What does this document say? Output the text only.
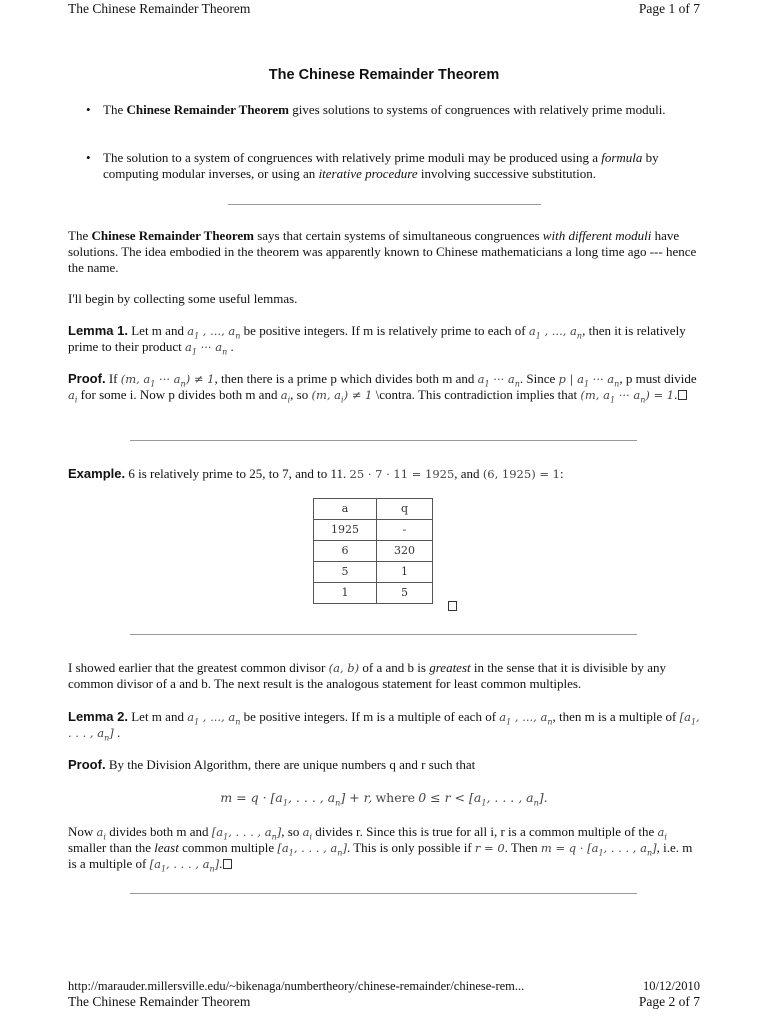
The Chinese Remainder Theorem	Page 1 of 7
The Chinese Remainder Theorem
• The Chinese Remainder Theorem gives solutions to systems of congruences with relatively prime moduli.
• The solution to a system of congruences with relatively prime moduli may be produced using a formula by computing modular inverses, or using an iterative procedure involving successive substitution.
The Chinese Remainder Theorem says that certain systems of simultaneous congruences with different moduli have solutions. The idea embodied in the theorem was apparently known to Chinese mathematicians a long time ago --- hence the name.
I'll begin by collecting some useful lemmas.
Lemma 1. Let m and $a_1$ , ..., $a_n$ be positive integers. If m is relatively prime to each of $a_1$ , ..., $a_n$, then it is relatively prime to their product $a_1$ ··· $a_n$ .
Proof. If (m, $a_1$ ··· $a_n) \ne 1$, then there is a prime p which divides both m and $a_1$ ··· $a_n$. Since p | $a_1$ ··· $a_n$, p must divide $a_i$ for some i. Now p divides both m and $a_i$, so (m, $a_i) \ne 1$ \contra. This contradiction implies that (m, $a_1$ ··· $a_n) = 1$.
Example. 6 is relatively prime to 25, to 7, and to 11. 25 · 7 · 11 = 1925, and (6, 1925) = 1:
a	q
1925	-
6	320
5	1
1	5
I showed earlier that the greatest common divisor (a, b) of a and b is greatest in the sense that it is divisible by any common divisor of a and b. The next result is the analogous statement for least common multiples.
Lemma 2. Let m and $a_1$ , ..., $a_n$ be positive integers. If m is a multiple of each of $a_1$ , ..., $a_n$, then m is a multiple of [$a_1$, . . . , $a_n$] .
Proof. By the Division Algorithm, there are unique numbers q and r such that
$m = q \cdot [a_1$, . . . , $a_n] + r$, where $0 \le r < [a_1$, . . . , $a_n$].
Now $a_i$ divides both m and [$a_1$, . . . , $a_n$], so $a_i$ divides r. Since this is true for all i, r is a common multiple of the $a_i$ smaller than the least common multiple [$a_1$, . . . , $a_n$]. This is only possible if r = 0. Then $m = q \cdot [a_1$, . . . , $a_n$], i.e. m is a multiple of [$a_1$, . . . , $a_n$].
http://marauder.millersville.edu/~bikenaga/numbertheory/chinese-remainder/chinese-rem...	10/12/2010
The Chinese Remainder Theorem	Page 2 of 7
